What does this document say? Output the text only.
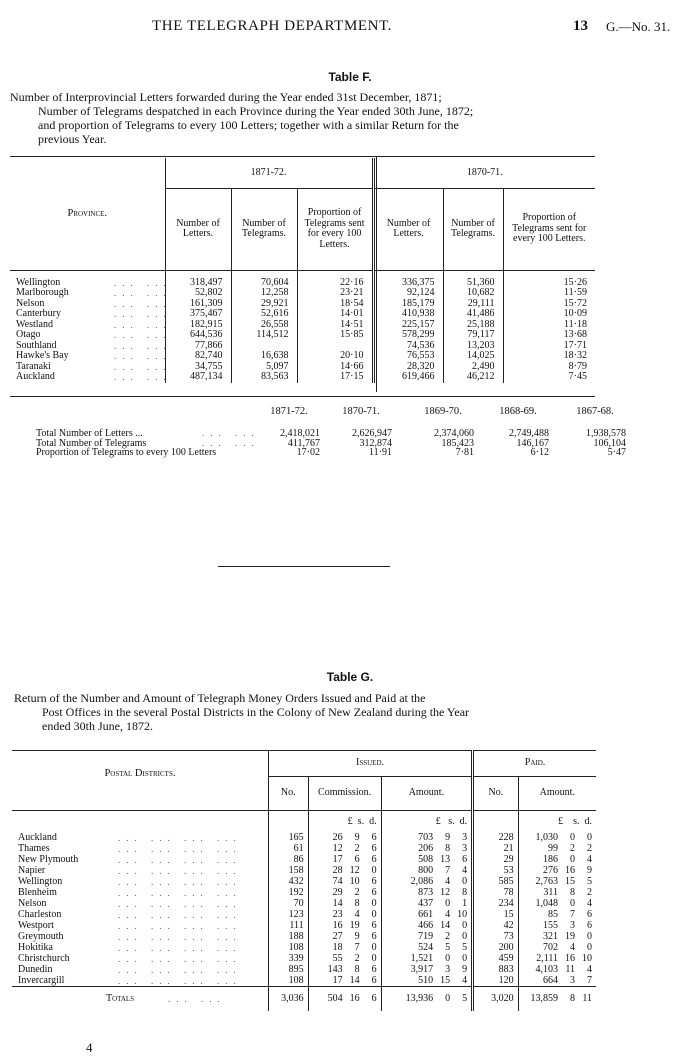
THE TELEGRAPH DEPARTMENT.	13 G.—No. 31.
Table F.
Number of Interprovincial Letters forwarded during the Year ended 31st December, 1871;
Number of Telegrams despatched in each Province during the Year ended 30th June, 1872;
and proportion of Telegrams to every 100 Letters; together with a similar Return for the
previous Year.
Province.	1871-72.			1870-71.		
	Number of Letters.	Number of Telegrams.	Proportion of Telegrams sent for every 100 Letters.	Number of Letters.	Number of Telegrams.	Proportion of Telegrams sent for every 100 Letters.
Wellington ... ...	318,497	70,604	22·16	336,375	51,360	15·26
Marlborough ... ...	52,802	12,258	23·21	92,124	10,682	11·59
Nelson ... ...	161,309	29,921	18·54	185,179	29,111	15·72
Canterbury ... ...	375,467	52,616	14·01	410,938	41,486	10·09
Westland ... ...	182,915	26,558	14·51	225,157	25,188	11·18
Otago ... ...	644,536	114,512	15·85	578,299	79,117	13·68
Southland ... ...	77,866			74,536	13,203	17·71
Hawke's Bay ... ...	82,740	16,638	20·10	76,553	14,025	18·32
Taranaki ... ...	34,755	5,097	14·66	28,320	2,490	8·79
Auckland ... ...	487,134	83,563	17·15	619,466	46,212	7·45
1871-72.	1870-71.	1869-70.	1868-69.	1867-68.
Total Number of Letters ...	... ...	2,418,021	2,626,947	2,374,060	2,749,488	1,938,578
Total Number of Telegrams	... ...	411,767	312,874	185,423	146,167	106,104
Proportion of Telegrams to every 100 Letters	17·02	11·91	7·81	6·12	5·47
Table G.
Return of the Number and Amount of Telegraph Money Orders Issued and Paid at the
Post Offices in the several Postal Districts in the Colony of New Zealand during the Year
ended 30th June, 1872.
Postal Districts.	Issued.			Paid.	
	No.	Commission.	Amount.	No.	Amount.
		£ s. d.	£ s. d.		£ s. d.
Auckland ... ... ... ...	165	26 9 6	703 9 3	228	1,030 0 0
Thames ... ... ... ...	61	12 2 6	206 8 3	21	99 2 2
New Plymouth ... ... ... ...	86	17 6 6	508 13 6	29	186 0 4
Napier ... ... ... ...	158	28 12 0	800 7 4	53	276 16 9
Wellington ... ... ... ...	432	74 10 6	2,086 4 0	585	2,763 15 5
Blenheim ... ... ... ...	192	29 2 6	873 12 8	78	311 8 2
Nelson ... ... ... ...	70	14 8 0	437 0 1	234	1,048 0 4
Charleston ... ... ... ...	123	23 4 0	661 4 10	15	85 7 6
Westport ... ... ... ...	111	16 19 6	466 14 0	42	155 3 6
Greymouth ... ... ... ...	188	27 9 6	719 2 0	73	321 19 0
Hokitika ... ... ... ...	108	18 7 0	524 5 5	200	702 4 0
Christchurch ... ... ... ...	339	55 2 0	1,521 0 0	459	2,111 16 10
Dunedin ... ... ... ...	895	143 8 6	3,917 3 9	883	4,103 11 4
Invercargill ... ... ... ...	108	17 14 6	510 15 4	120	664 3 7
Totals ... ...	3,036	504 16 6	13,936 0 5	3,020	13,859 8 11
4
